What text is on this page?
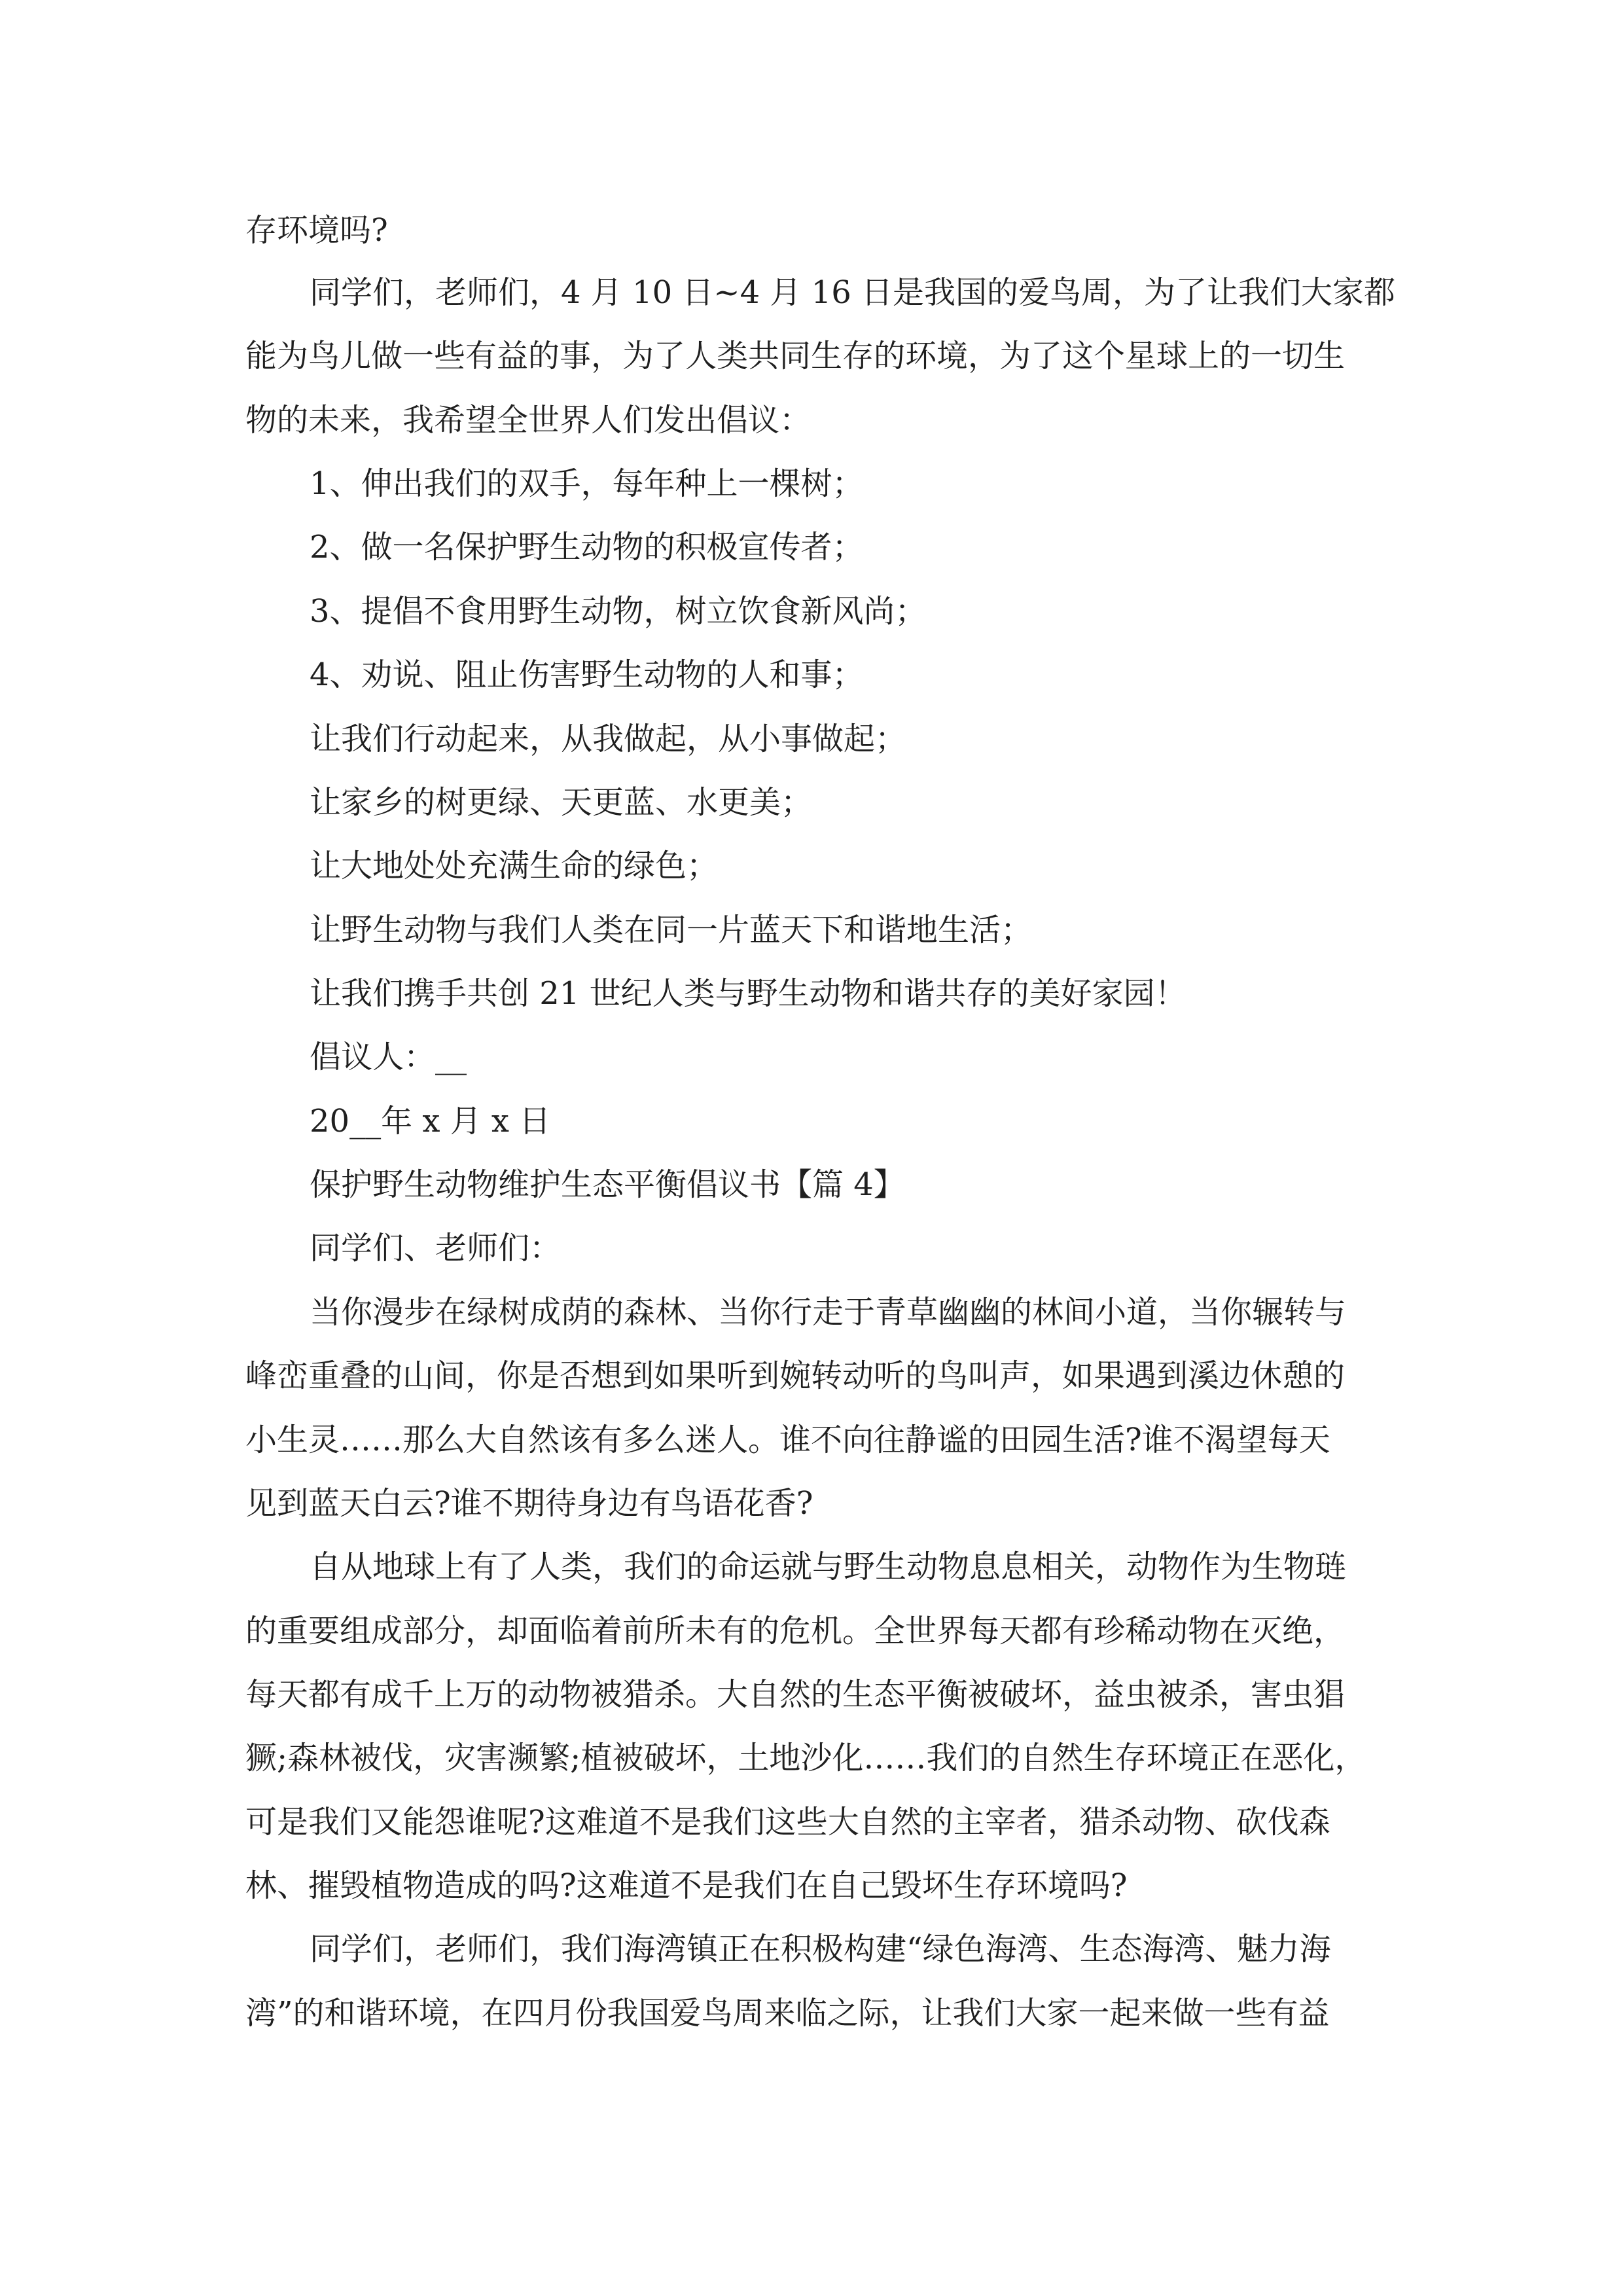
存环境吗?

同学们，老师们，4 月 10 日~4 月 16 日是我国的爱鸟周，为了让我们大家都

能为鸟儿做一些有益的事，为了人类共同生存的环境，为了这个星球上的一切生

物的未来，我希望全世界人们发出倡议：

1、伸出我们的双手，每年种上一棵树；

2、做一名保护野生动物的积极宣传者；

3、提倡不食用野生动物，树立饮食新风尚；

4、劝说、阻止伤害野生动物的人和事；

让我们行动起来，从我做起，从小事做起；

让家乡的树更绿、天更蓝、水更美；

让大地处处充满生命的绿色；

让野生动物与我们人类在同一片蓝天下和谐地生活；

让我们携手共创 21 世纪人类与野生动物和谐共存的美好家园！

倡议人：__

20__年 x 月 x 日

保护野生动物维护生态平衡倡议书【篇 4】

同学们、老师们：

当你漫步在绿树成荫的森林、当你行走于青草幽幽的林间小道，当你辗转与

峰峦重叠的山间，你是否想到如果听到婉转动听的鸟叫声，如果遇到溪边休憩的

小生灵……那么大自然该有多么迷人。谁不向往静谧的田园生活?谁不渴望每天

见到蓝天白云?谁不期待身边有鸟语花香?

自从地球上有了人类，我们的命运就与野生动物息息相关，动物作为生物琏

的重要组成部分，却面临着前所未有的危机。全世界每天都有珍稀动物在灭绝，

每天都有成千上万的动物被猎杀。大自然的生态平衡被破坏，益虫被杀，害虫猖

獗;森林被伐，灾害濒繁;植被破坏，土地沙化……我们的自然生存环境正在恶化，

可是我们又能怨谁呢?这难道不是我们这些大自然的主宰者，猎杀动物、砍伐森

林、摧毁植物造成的吗?这难道不是我们在自己毁坏生存环境吗?

同学们，老师们，我们海湾镇正在积极构建“绿色海湾、生态海湾、魅力海

湾”的和谐环境，在四月份我国爱鸟周来临之际，让我们大家一起来做一些有益
